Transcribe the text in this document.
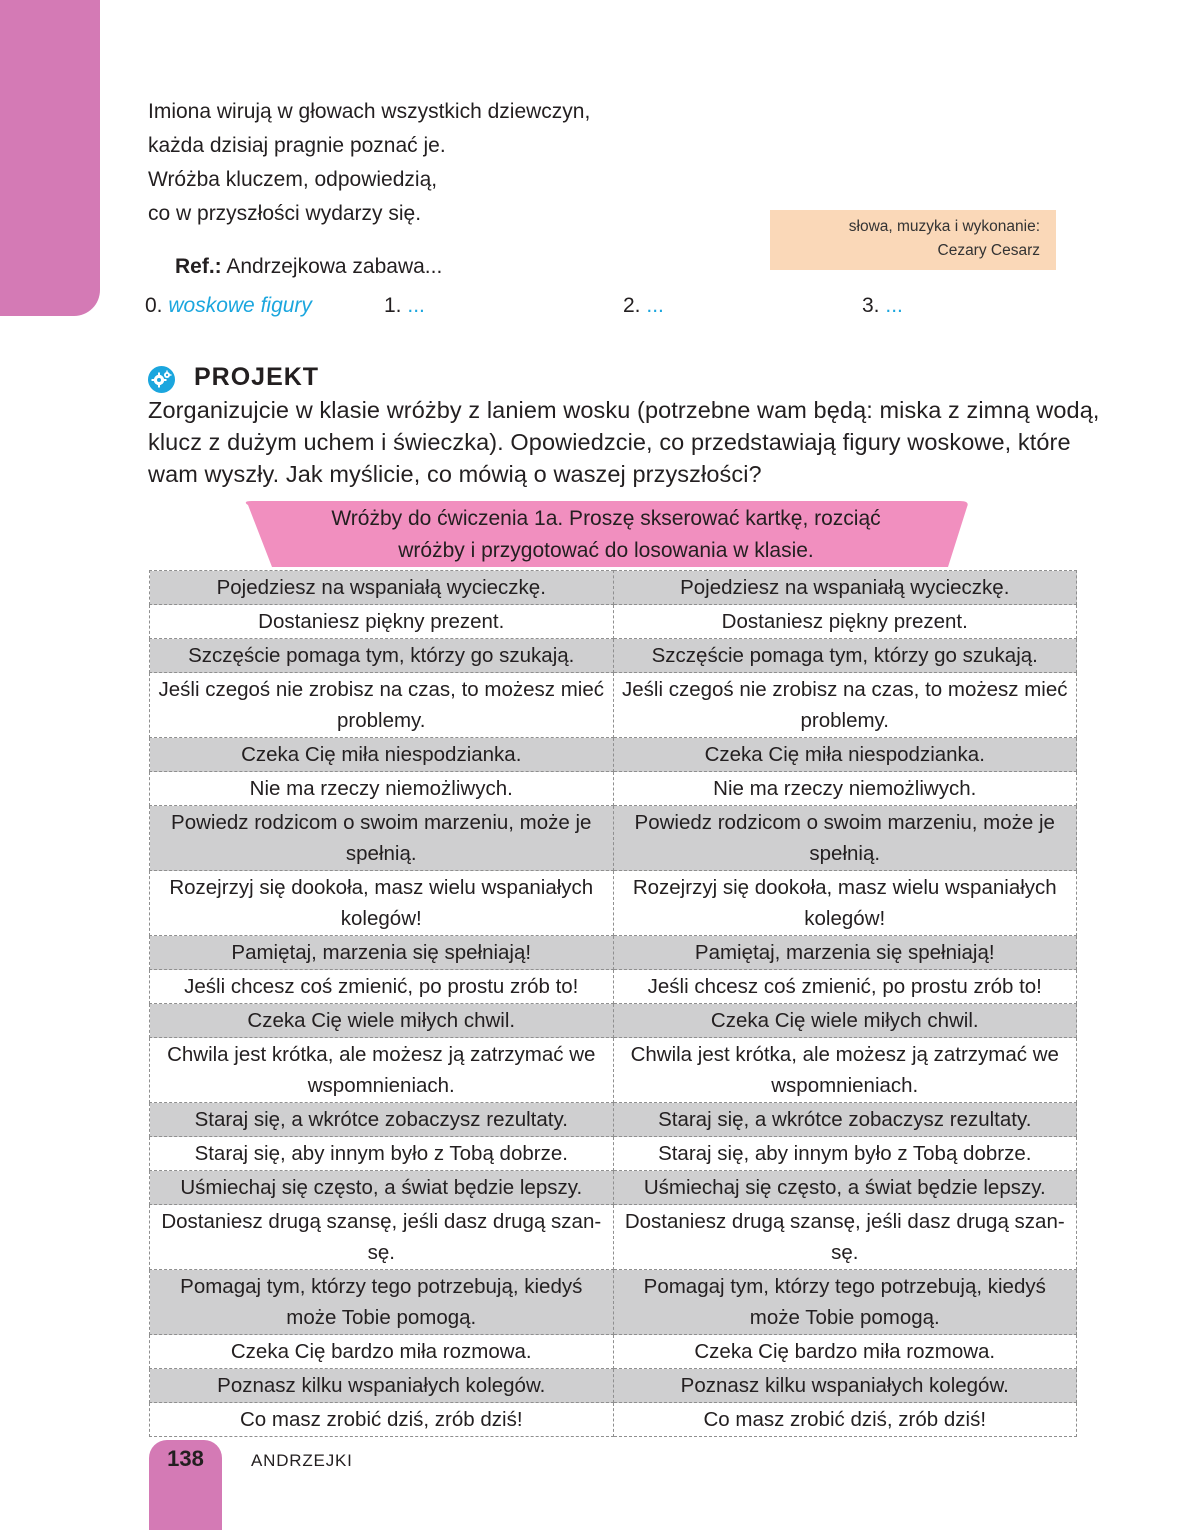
Imiona wirują w głowach wszystkich dziewczyn,
każda dzisiaj pragnie poznać je.
Wróżba kluczem, odpowiedzią,
co w przyszłości wydarzy się.
słowa, muzyka i wykonanie:
Cezary Cesarz
Ref.: Andrzejkowa zabawa...
0. woskowe figury	1. ...	2. ...	3. ...
PROJEKT
Zorganizujcie w klasie wróżby z laniem wosku (potrzebne wam będą: miska z zimną wodą, klucz z dużym uchem i świeczka). Opowiedzcie, co przedstawiają figury woskowe, które wam wyszły. Jak myślicie, co mówią o waszej przyszłości?
Wróżby do ćwiczenia 1a. Proszę skserować kartkę, rozciąć
wróżby i przygotować do losowania w klasie.
Pojedziesz na wspaniałą wycieczkę.	Pojedziesz na wspaniałą wycieczkę.
Dostaniesz piękny prezent.	Dostaniesz piękny prezent.
Szczęście pomaga tym, którzy go szukają.	Szczęście pomaga tym, którzy go szukają.
Jeśli czegoś nie zrobisz na czas, to możesz mieć problemy.	Jeśli czegoś nie zrobisz na czas, to możesz mieć problemy.
Czeka Cię miła niespodzianka.	Czeka Cię miła niespodzianka.
Nie ma rzeczy niemożliwych.	Nie ma rzeczy niemożliwych.
Powiedz rodzicom o swoim marzeniu, może je spełnią.	Powiedz rodzicom o swoim marzeniu, może je spełnią.
Rozejrzyj się dookoła, masz wielu wspaniałych kolegów!	Rozejrzyj się dookoła, masz wielu wspaniałych kolegów!
Pamiętaj, marzenia się spełniają!	Pamiętaj, marzenia się spełniają!
Jeśli chcesz coś zmienić, po prostu zrób to!	Jeśli chcesz coś zmienić, po prostu zrób to!
Czeka Cię wiele miłych chwil.	Czeka Cię wiele miłych chwil.
Chwila jest krótka, ale możesz ją zatrzymać we wspomnieniach.	Chwila jest krótka, ale możesz ją zatrzymać we wspomnieniach.
Staraj się, a wkrótce zobaczysz rezultaty.	Staraj się, a wkrótce zobaczysz rezultaty.
Staraj się, aby innym było z Tobą dobrze.	Staraj się, aby innym było z Tobą dobrze.
Uśmiechaj się często, a świat będzie lepszy.	Uśmiechaj się często, a świat będzie lepszy.
Dostaniesz drugą szansę, jeśli dasz drugą szan-sę.	Dostaniesz drugą szansę, jeśli dasz drugą szan-sę.
Pomagaj tym, którzy tego potrzebują, kiedyś może Tobie pomogą.	Pomagaj tym, którzy tego potrzebują, kiedyś może Tobie pomogą.
Czeka Cię bardzo miła rozmowa.	Czeka Cię bardzo miła rozmowa.
Poznasz kilku wspaniałych kolegów.	Poznasz kilku wspaniałych kolegów.
Co masz zrobić dziś, zrób dziś!	Co masz zrobić dziś, zrób dziś!
138	ANDRZEJKI
